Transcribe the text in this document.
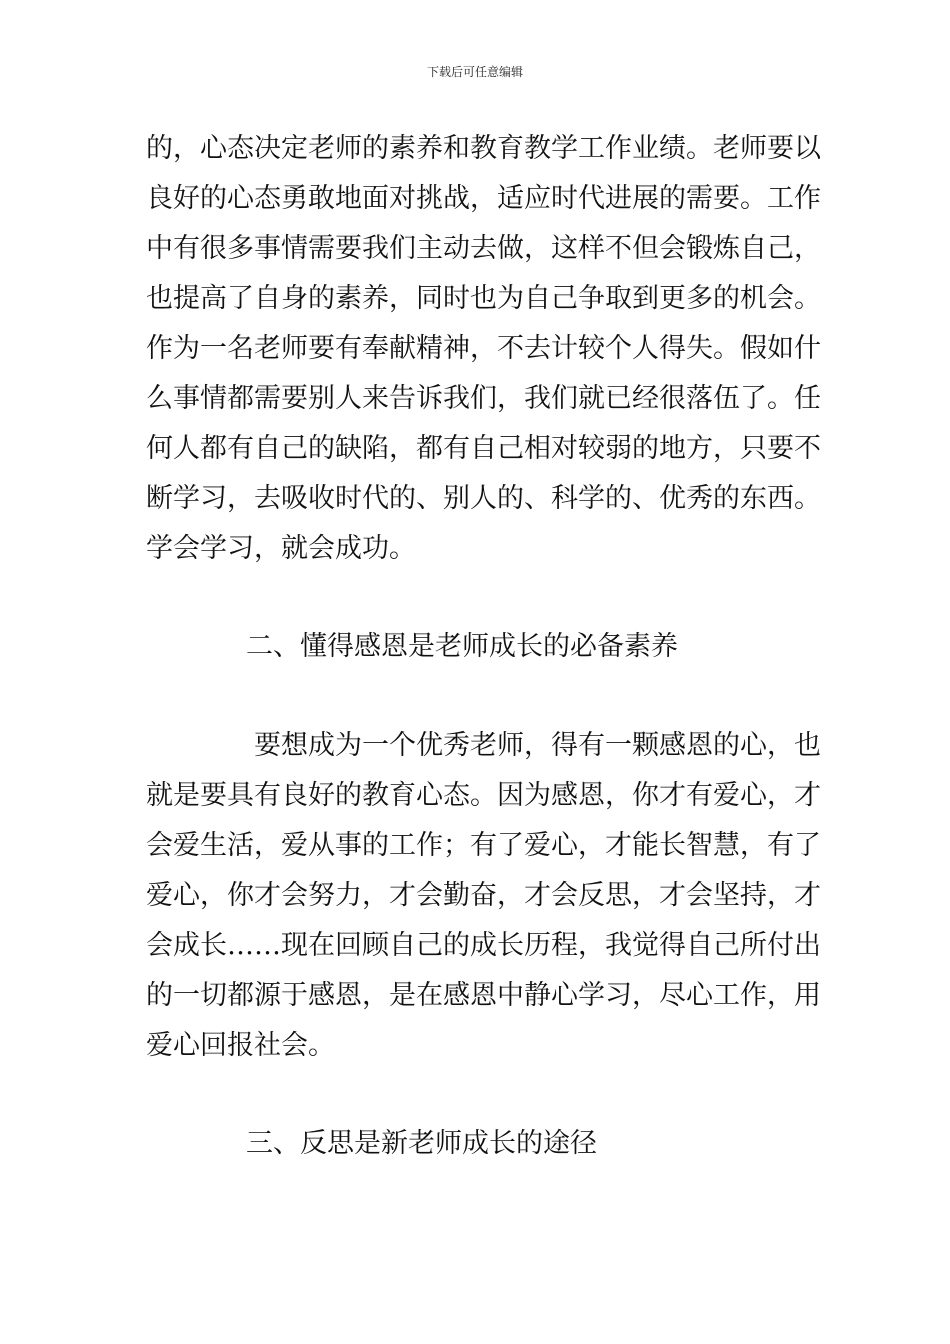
下载后可任意编辑
的，心态决定老师的素养和教育教学工作业绩。老师要以
良好的心态勇敢地面对挑战，适应时代进展的需要。工作
中有很多事情需要我们主动去做，这样不但会锻炼自己，
也提高了自身的素养，同时也为自己争取到更多的机会。
作为一名老师要有奉献精神，不去计较个人得失。假如什
么事情都需要别人来告诉我们，我们就已经很落伍了。任
何人都有自己的缺陷，都有自己相对较弱的地方，只要不
断学习，去吸收时代的、别人的、科学的、优秀的东西。
学会学习，就会成功。
二、懂得感恩是老师成长的必备素养
要想成为一个优秀老师，得有一颗感恩的心，也
就是要具有良好的教育心态。因为感恩，你才有爱心，才
会爱生活，爱从事的工作；有了爱心，才能长智慧，有了
爱心，你才会努力，才会勤奋，才会反思，才会坚持，才
会成长……现在回顾自己的成长历程，我觉得自己所付出
的一切都源于感恩，是在感恩中静心学习，尽心工作，用
爱心回报社会。
三、反思是新老师成长的途径
